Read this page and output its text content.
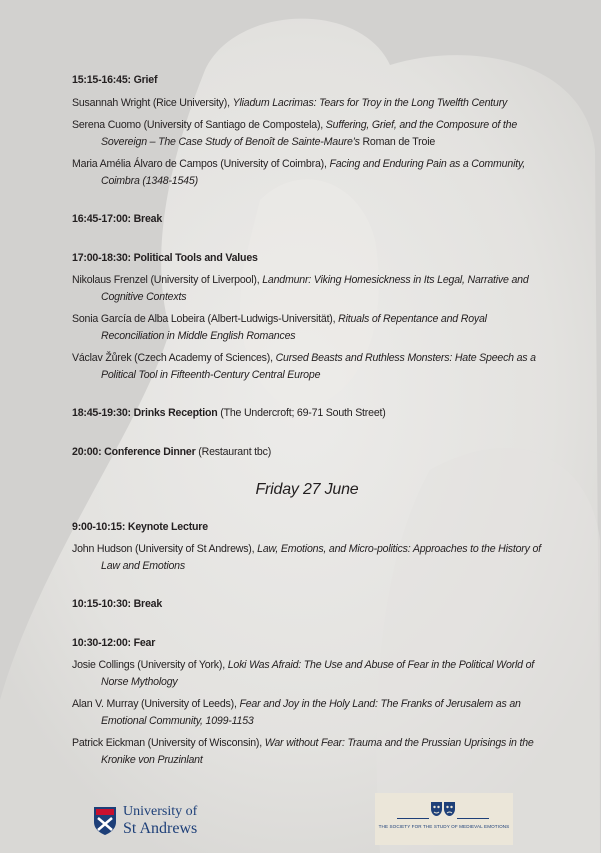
15:15-16:45: Grief

Susannah Wright (Rice University), Yliadum Lacrimas: Tears for Troy in the Long Twelfth Century

Serena Cuomo (University of Santiago de Compostela), Suffering, Grief, and the Composure of the Sovereign – The Case Study of Benoît de Sainte-Maure’s Roman de Troie

Maria Amélia Álvaro de Campos (University of Coimbra), Facing and Enduring Pain as a Community, Coimbra (1348-1545)

16:45-17:00: Break

17:00-18:30: Political Tools and Values

Nikolaus Frenzel (University of Liverpool), Landmunr: Viking Homesickness in Its Legal, Narrative and Cognitive Contexts

Sonia García de Alba Lobeira (Albert-Ludwigs-Universität), Rituals of Repentance and Royal Reconciliation in Middle English Romances

Václav Žůrek (Czech Academy of Sciences), Cursed Beasts and Ruthless Monsters: Hate Speech as a Political Tool in Fifteenth-Century Central Europe

18:45-19:30: Drinks Reception (The Undercroft; 69-71 South Street)

20:00: Conference Dinner (Restaurant tbc)

Friday 27 June

9:00-10:15: Keynote Lecture

John Hudson (University of St Andrews), Law, Emotions, and Micro-politics: Approaches to the History of Law and Emotions

10:15-10:30: Break

10:30-12:00: Fear

Josie Collings (University of York), Loki Was Afraid: The Use and Abuse of Fear in the Political World of Norse Mythology

Alan V. Murray (University of Leeds), Fear and Joy in the Holy Land: The Franks of Jerusalem as an Emotional Community, 1099-1153

Patrick Eickman (University of Wisconsin), War without Fear: Trauma and the Prussian Uprisings in the Kronike von Pruzinlant

University of
St Andrews	THE SOCIETY FOR THE STUDY OF MEDIEVAL EMOTIONS
